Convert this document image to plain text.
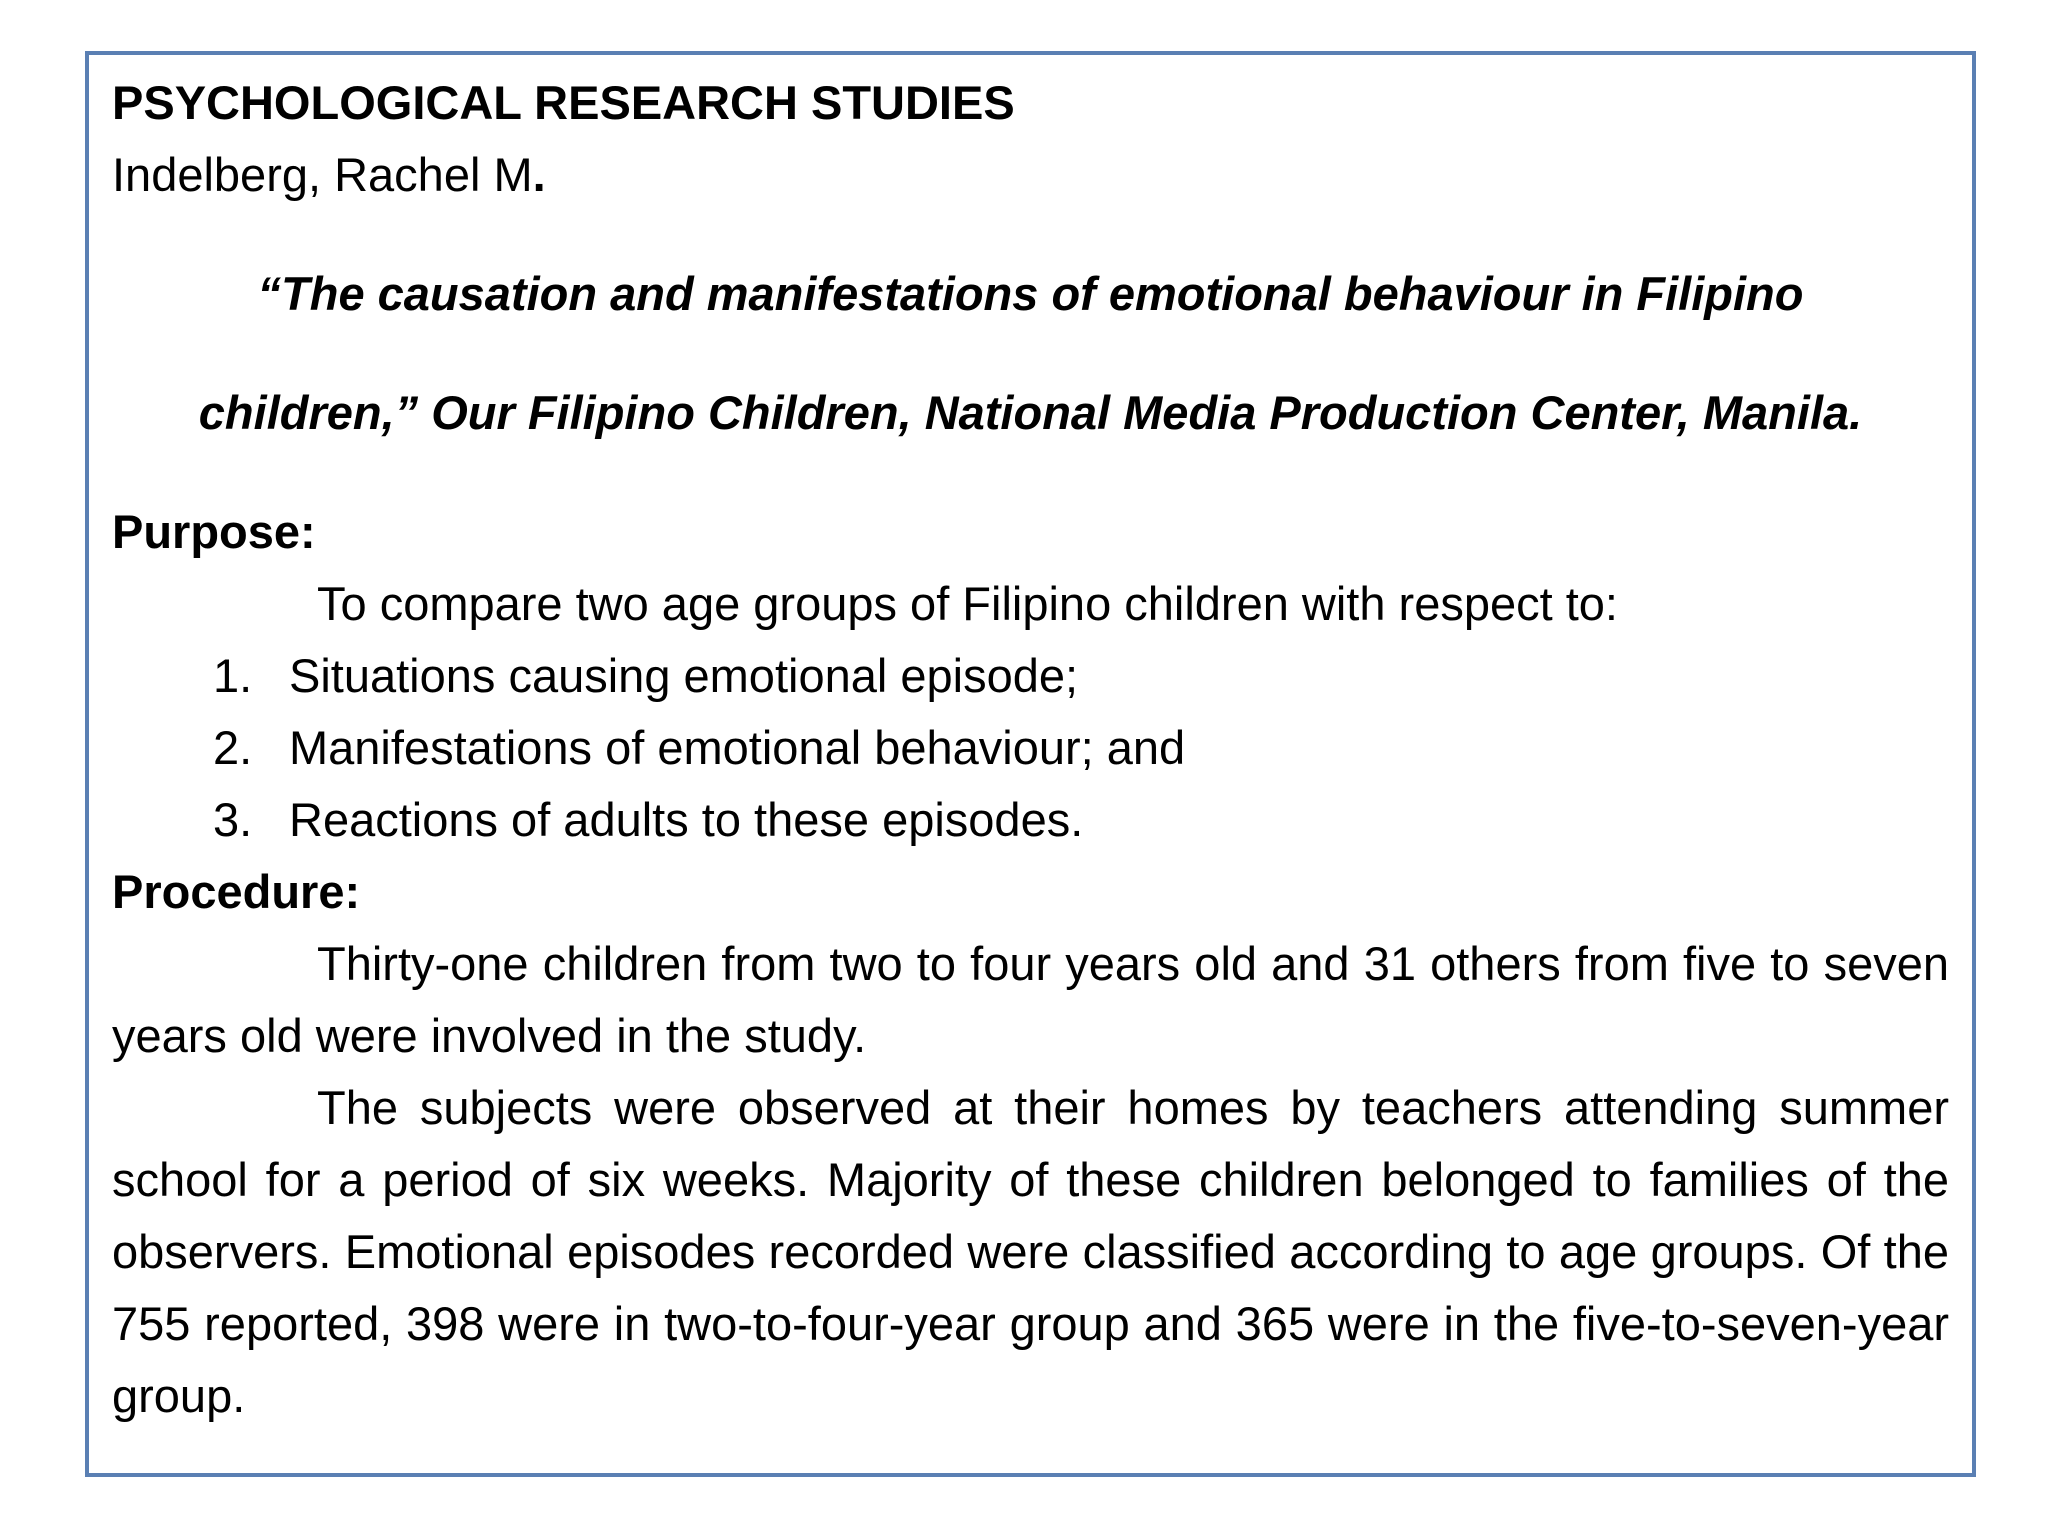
PSYCHOLOGICAL RESEARCH STUDIES

Indelberg, Rachel M.

“The causation and manifestations of emotional behaviour in Filipino

children,” Our Filipino Children, National Media Production Center, Manila.

Purpose:

To compare two age groups of Filipino children with respect to:

1. Situations causing emotional episode;
2. Manifestations of emotional behaviour; and
3. Reactions of adults to these episodes.

Procedure:

Thirty-one children from two to four years old and 31 others from five to seven years old were involved in the study.

The subjects were observed at their homes by teachers attending summer school for a period of six weeks. Majority of these children belonged to families of the observers. Emotional episodes recorded were classified according to age groups. Of the 755 reported, 398 were in two-to-four-year group and 365 were in the five-to-seven-year group.
